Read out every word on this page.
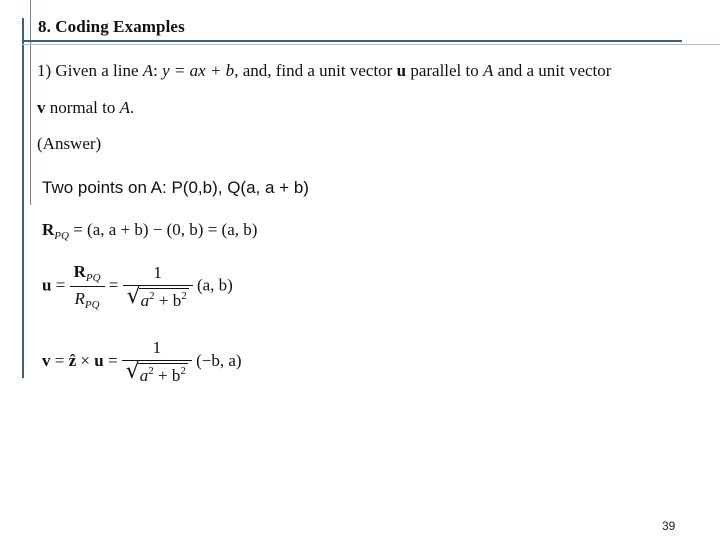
8. Coding Examples
1) Given a line A: y = ax + b, and, find a unit vector u parallel to A and a unit vector
v normal to A.
(Answer)
Two points on A: P(0,b), Q(a, a + b)
$R_{PQ} = (a$, a + b) − (0, b) = (a, b)
$u = \frac{R_{PQ}}{R_{PQ}} = \frac{1}{√ a^2 + b^2} (a$, b)
v = ẑ × $u = \frac{1}{√ a^2 + b^2} (-b$, a)
39
